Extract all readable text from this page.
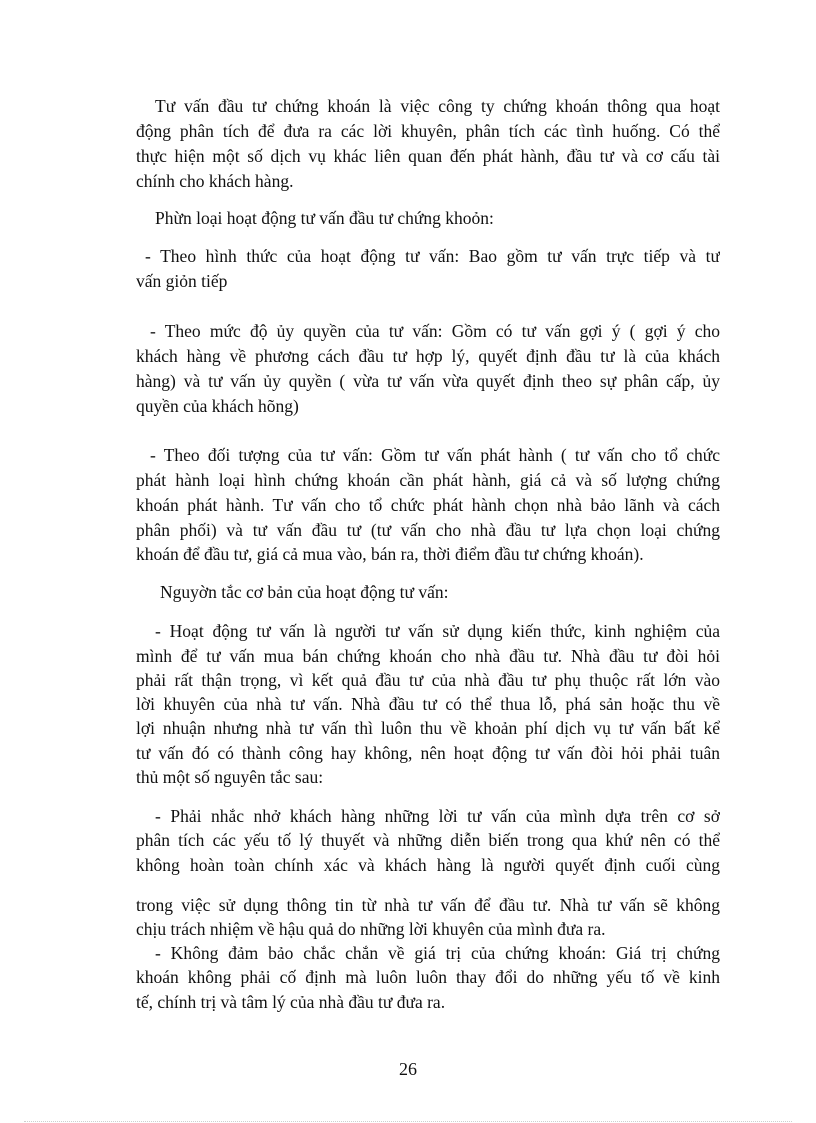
Tư vấn đầu tư chứng khoán là việc công ty chứng khoán thông qua hoạt
động phân tích để đưa ra các lời khuyên, phân tích các tình huống. Có thể
thực hiện một số dịch vụ khác liên quan đến phát hành, đầu tư và cơ cấu tài
chính cho khách hàng.
Phừn loại hoạt động tư vấn đầu tư chứng khoỏn:
- Theo hình thức của hoạt động tư vấn: Bao gồm tư vấn trực tiếp và tư
vấn giỏn tiếp
- Theo mức độ ủy quyền của tư vấn: Gồm có tư vấn gợi ý ( gợi ý cho
khách hàng về phương cách đầu tư hợp lý, quyết định đầu tư là của khách
hàng) và tư vấn ủy quyền ( vừa tư vấn vừa quyết định theo sự phân cấp, ủy
quyền của khách hõng)
- Theo đối tượng của tư vấn: Gồm tư vấn phát hành ( tư vấn cho tổ chức
phát hành loại hình chứng khoán cần phát hành, giá cả và số lượng chứng
khoán phát hành. Tư vấn cho tổ chức phát hành chọn nhà bảo lãnh và cách
phân phối) và tư vấn đầu tư (tư vấn cho nhà đầu tư lựa chọn loại chứng
khoán để đầu tư, giá cả mua vào, bán ra, thời điểm đầu tư chứng khoán).
Nguyờn tắc cơ bản của hoạt động tư vấn:
- Hoạt động tư vấn là người tư vấn sử dụng kiến thức, kinh nghiệm của
mình để tư vấn mua bán chứng khoán cho nhà đầu tư. Nhà đầu tư đòi hỏi
phải rất thận trọng, vì kết quả đầu tư của nhà đầu tư phụ thuộc rất lớn vào
lời khuyên của nhà tư vấn. Nhà đầu tư có thể thua lỗ, phá sản hoặc thu về
lợi nhuận nhưng nhà tư vấn thì luôn thu về khoản phí dịch vụ tư vấn bất kể
tư vấn đó có thành công hay không, nên hoạt động tư vấn đòi hỏi phải tuân
thủ một số nguyên tắc sau:
- Phải nhắc nhở khách hàng những lời tư vấn của mình dựa trên cơ sở
phân tích các yếu tố lý thuyết và những diễn biến trong qua khứ nên có thể
không hoàn toàn chính xác và khách hàng là người quyết định cuối cùng
trong việc sử dụng thông tin từ nhà tư vấn để đầu tư. Nhà tư vấn sẽ không
chịu trách nhiệm về hậu quả do những lời khuyên của mình đưa ra.
- Không đảm bảo chắc chắn về giá trị của chứng khoán: Giá trị chứng
khoán không phải cố định mà luôn luôn thay đổi do những yếu tố về kinh
tế, chính trị và tâm lý của nhà đầu tư đưa ra.
26
